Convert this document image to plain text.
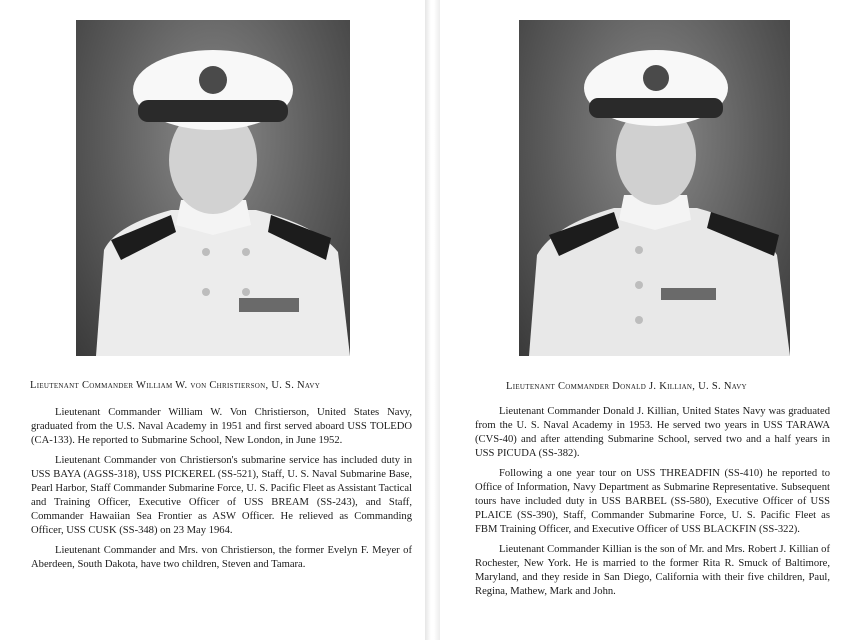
Lieutenant Commander William W. von Christierson, U. S. Navy

Lieutenant Commander William W. Von Christierson, United States Navy, graduated from the U.S. Naval Academy in 1951 and first served aboard USS TOLEDO (CA-133). He reported to Submarine School, New London, in June 1952.

Lieutenant Commander von Christierson's submarine service has included duty in USS BAYA (AGSS-318), USS PICKEREL (SS-521), Staff, U. S. Naval Submarine Base, Pearl Harbor, Staff Commander Submarine Force, U. S. Pacific Fleet as Assistant Tactical and Training Officer, Executive Officer of USS BREAM (SS-243), and Staff, Commander Hawaiian Sea Frontier as ASW Officer. He relieved as Commanding Officer, USS CUSK (SS-348) on 23 May 1964.

Lieutenant Commander and Mrs. von Christierson, the former Evelyn F. Meyer of Aberdeen, South Dakota, have two children, Steven and Tamara.

Lieutenant Commander Donald J. Killian, U. S. Navy

Lieutenant Commander Donald J. Killian, United States Navy was graduated from the U. S. Naval Academy in 1953. He served two years in USS TARAWA (CVS-40) and after attending Submarine School, served two and a half years in USS PICUDA (SS-382).

Following a one year tour on USS THREADFIN (SS-410) he reported to Office of Information, Navy Department as Submarine Representative. Subsequent tours have included duty in USS BARBEL (SS-580), Executive Officer of USS PLAICE (SS-390), Staff, Commander Submarine Force, U. S. Pacific Fleet as FBM Training Officer, and Executive Officer of USS BLACKFIN (SS-322).

Lieutenant Commander Killian is the son of Mr. and Mrs. Robert J. Killian of Rochester, New York. He is married to the former Rita R. Smuck of Baltimore, Maryland, and they reside in San Diego, California with their five children, Paul, Regina, Mathew, Mark and John.
